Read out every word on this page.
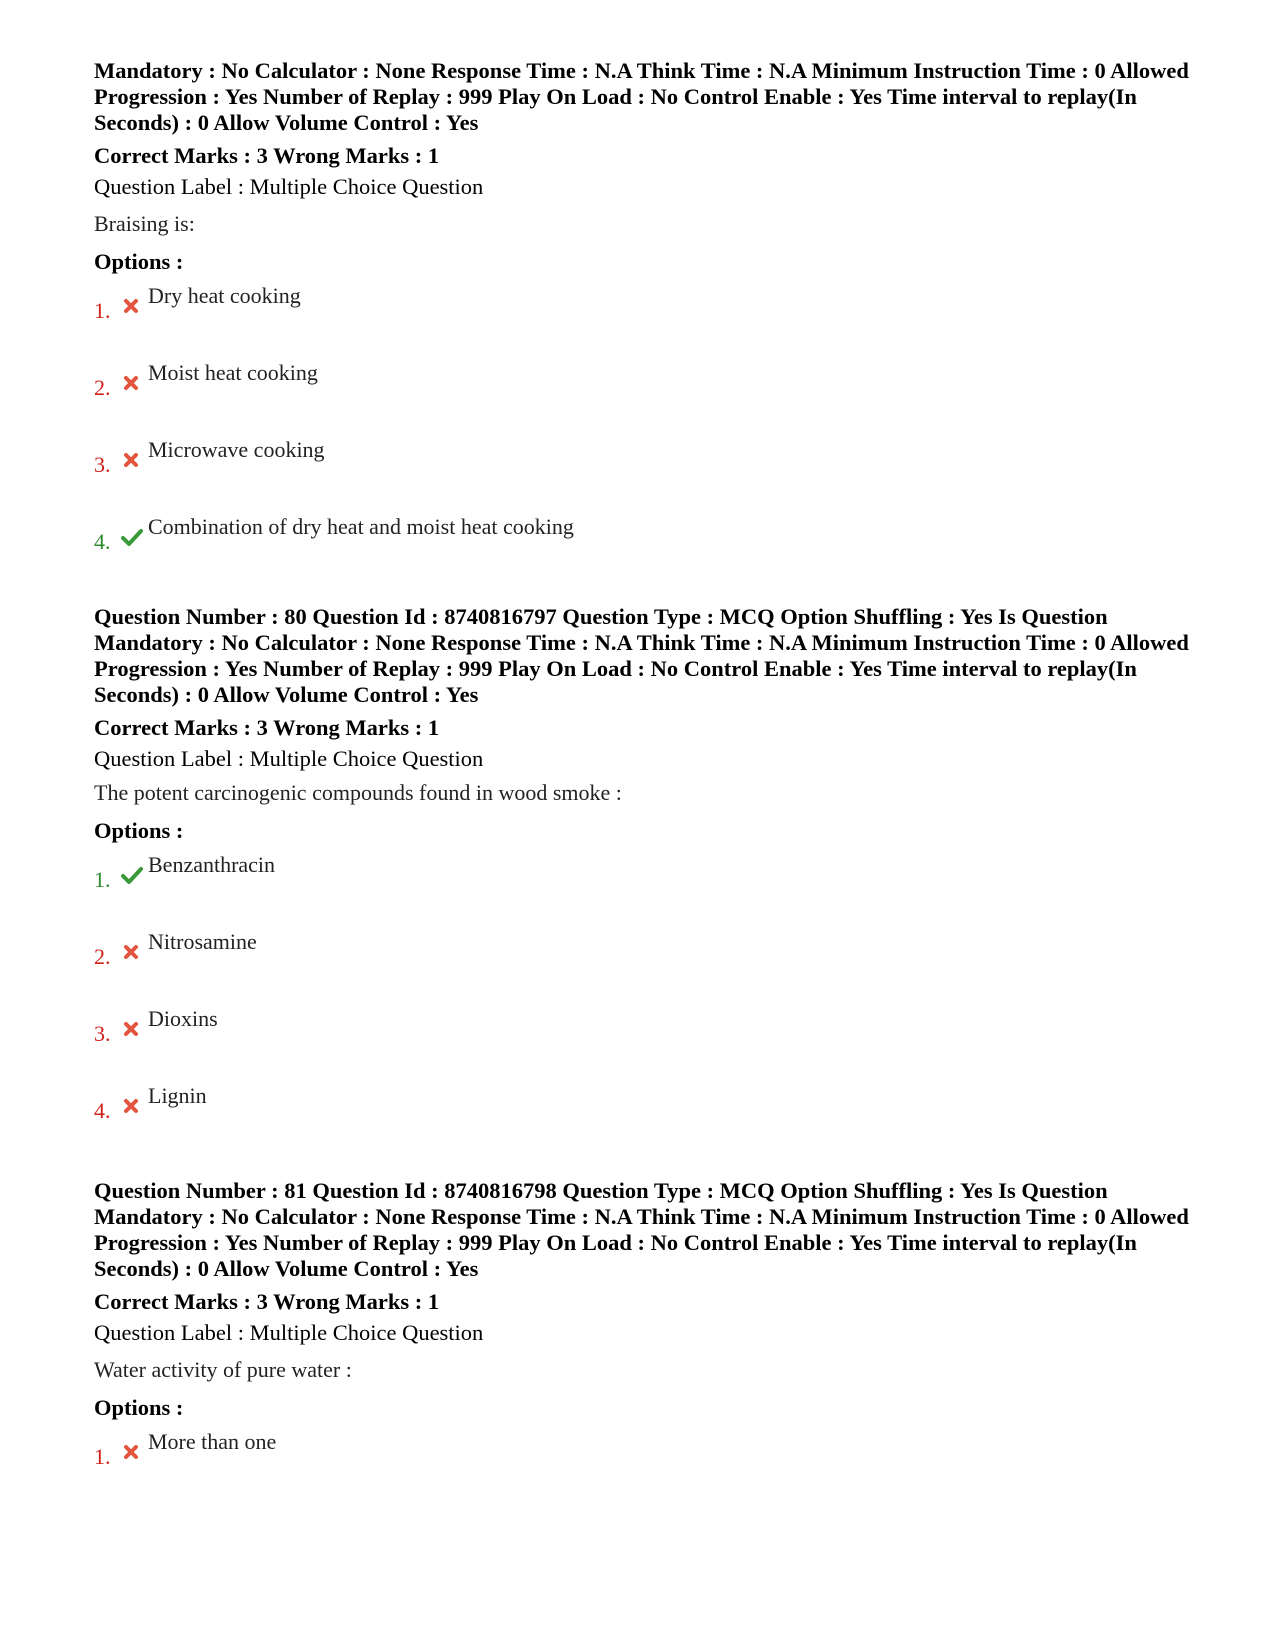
Mandatory : No Calculator : None Response Time : N.A Think Time : N.A Minimum Instruction Time : 0 Allowed Progression : Yes Number of Replay : 999 Play On Load : No Control Enable : Yes Time interval to replay(In Seconds) : 0 Allow Volume Control : Yes
Correct Marks : 3 Wrong Marks : 1
Question Label : Multiple Choice Question
Braising is:
Options :
1.
Dry heat cooking
2.
Moist heat cooking
3.
Microwave cooking
4.
Combination of dry heat and moist heat cooking
Question Number : 80 Question Id : 8740816797 Question Type : MCQ Option Shuffling : Yes Is Question Mandatory : No Calculator : None Response Time : N.A Think Time : N.A Minimum Instruction Time : 0 Allowed Progression : Yes Number of Replay : 999 Play On Load : No Control Enable : Yes Time interval to replay(In Seconds) : 0 Allow Volume Control : Yes
Correct Marks : 3 Wrong Marks : 1
Question Label : Multiple Choice Question
The potent carcinogenic compounds found in wood smoke :
Options :
1.
Benzanthracin
2.
Nitrosamine
3.
Dioxins
4.
Lignin
Question Number : 81 Question Id : 8740816798 Question Type : MCQ Option Shuffling : Yes Is Question Mandatory : No Calculator : None Response Time : N.A Think Time : N.A Minimum Instruction Time : 0 Allowed Progression : Yes Number of Replay : 999 Play On Load : No Control Enable : Yes Time interval to replay(In Seconds) : 0 Allow Volume Control : Yes
Correct Marks : 3 Wrong Marks : 1
Question Label : Multiple Choice Question
Water activity of pure water :
Options :
1.
More than one
